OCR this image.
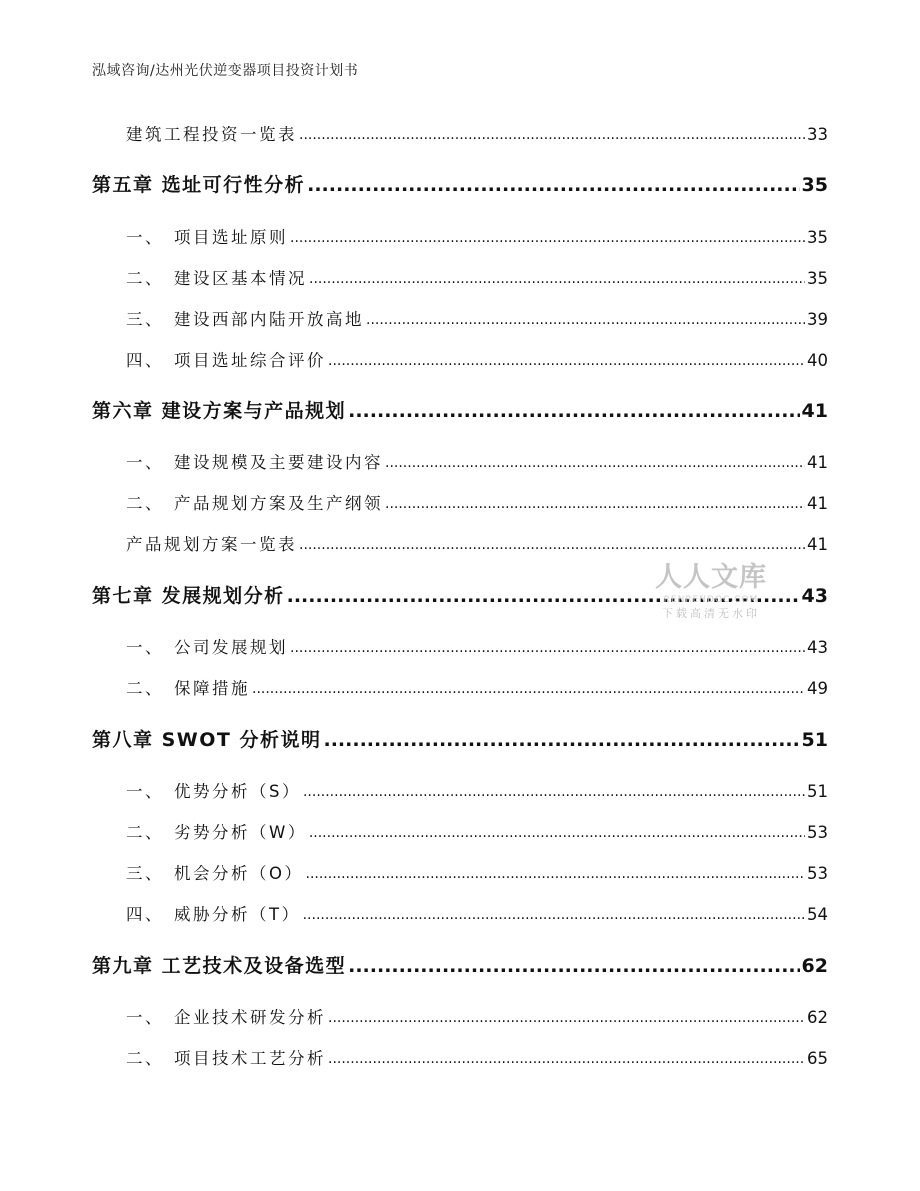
泓域咨询/达州光伏逆变器项目投资计划书
建筑工程投资一览表 .....	33
第五章 选址可行性分析 .....	35
一、 项目选址原则 .....	35
二、 建设区基本情况 .....	35
三、 建设西部内陆开放高地 .....	39
四、 项目选址综合评价 .....	40
第六章 建设方案与产品规划 .....	41
一、 建设规模及主要建设内容 .....	41
二、 产品规划方案及生产纲领 .....	41
产品规划方案一览表 .....	41
第七章 发展规划分析 .....	43
一、 公司发展规划 .....	43
二、 保障措施 .....	49
第八章 SWOT 分析说明 .....	51
一、 优势分析（S） .....	51
二、 劣势分析（W） .....	53
三、 机会分析（O） .....	53
四、 威胁分析（T） .....	54
第九章 工艺技术及设备选型 .....	62
一、 企业技术研发分析 .....	62
二、 项目技术工艺分析 .....	65
人人文库
RENRENDOC.COM
下载高清无水印
